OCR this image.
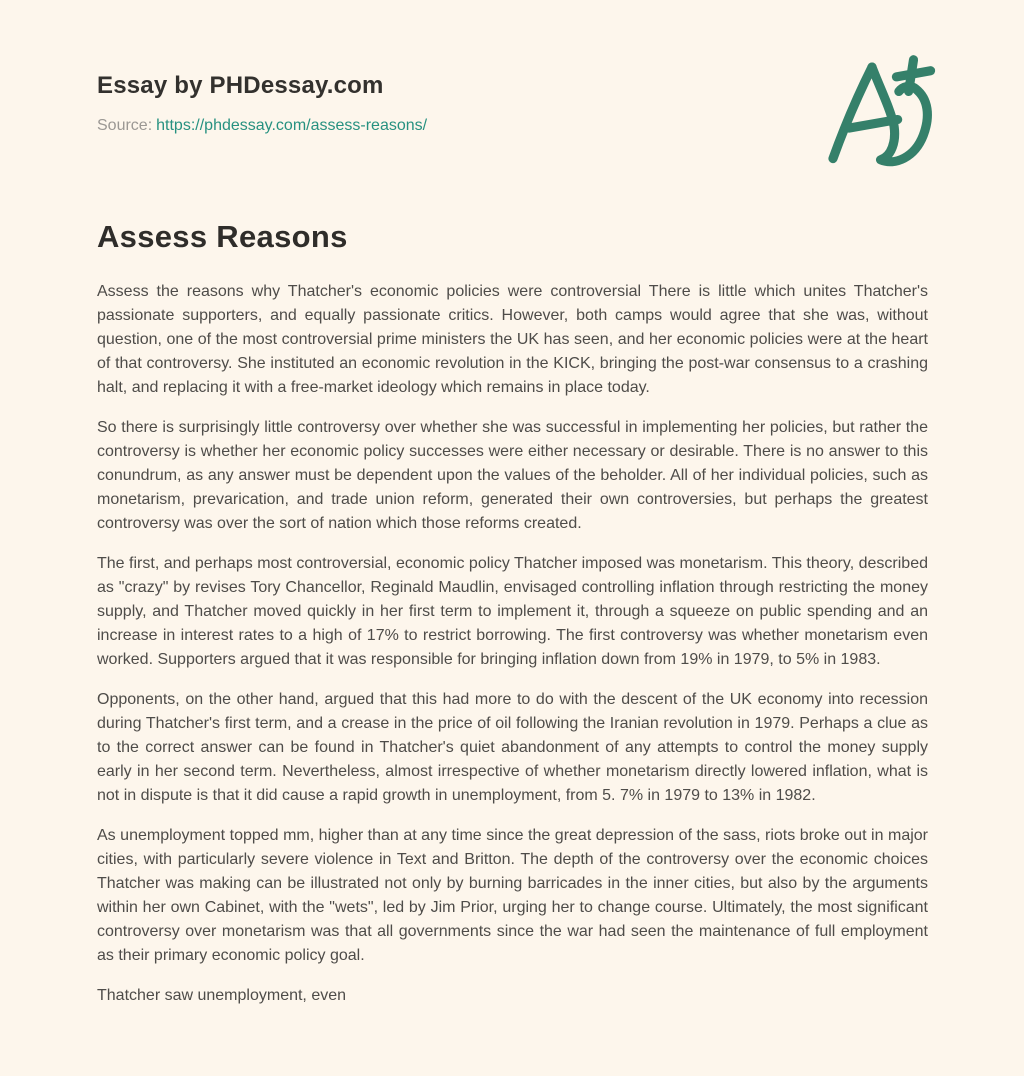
Essay by PHDessay.com
Source: https://phdessay.com/assess-reasons/
Assess Reasons

Assess the reasons why Thatcher's economic policies were controversial There is little which unites Thatcher's passionate supporters, and equally passionate critics. However, both camps would agree that she was, without question, one of the most controversial prime ministers the UK has seen, and her economic policies were at the heart of that controversy. She instituted an economic revolution in the KICK, bringing the post-war consensus to a crashing halt, and replacing it with a free-market ideology which remains in place today.

So there is surprisingly little controversy over whether she was successful in implementing her policies, but rather the controversy is whether her economic policy successes were either necessary or desirable. There is no answer to this conundrum, as any answer must be dependent upon the values of the beholder. All of her individual policies, such as monetarism, prevarication, and trade union reform, generated their own controversies, but perhaps the greatest controversy was over the sort of nation which those reforms created.

The first, and perhaps most controversial, economic policy Thatcher imposed was monetarism. This theory, described as "crazy" by revises Tory Chancellor, Reginald Maudlin, envisaged controlling inflation through restricting the money supply, and Thatcher moved quickly in her first term to implement it, through a squeeze on public spending and an increase in interest rates to a high of 17% to restrict borrowing. The first controversy was whether monetarism even worked. Supporters argued that it was responsible for bringing inflation down from 19% in 1979, to 5% in 1983.

Opponents, on the other hand, argued that this had more to do with the descent of the UK economy into recession during Thatcher's first term, and a crease in the price of oil following the Iranian revolution in 1979. Perhaps a clue as to the correct answer can be found in Thatcher's quiet abandonment of any attempts to control the money supply early in her second term. Nevertheless, almost irrespective of whether monetarism directly lowered inflation, what is not in dispute is that it did cause a rapid growth in unemployment, from 5. 7% in 1979 to 13% in 1982.

As unemployment topped mm, higher than at any time since the great depression of the sass, riots broke out in major cities, with particularly severe violence in Text and Britton. The depth of the controversy over the economic choices Thatcher was making can be illustrated not only by burning barricades in the inner cities, but also by the arguments within her own Cabinet, with the "wets", led by Jim Prior, urging her to change course. Ultimately, the most significant controversy over monetarism was that all governments since the war had seen the maintenance of full employment as their primary economic policy goal.

Thatcher saw unemployment, even
